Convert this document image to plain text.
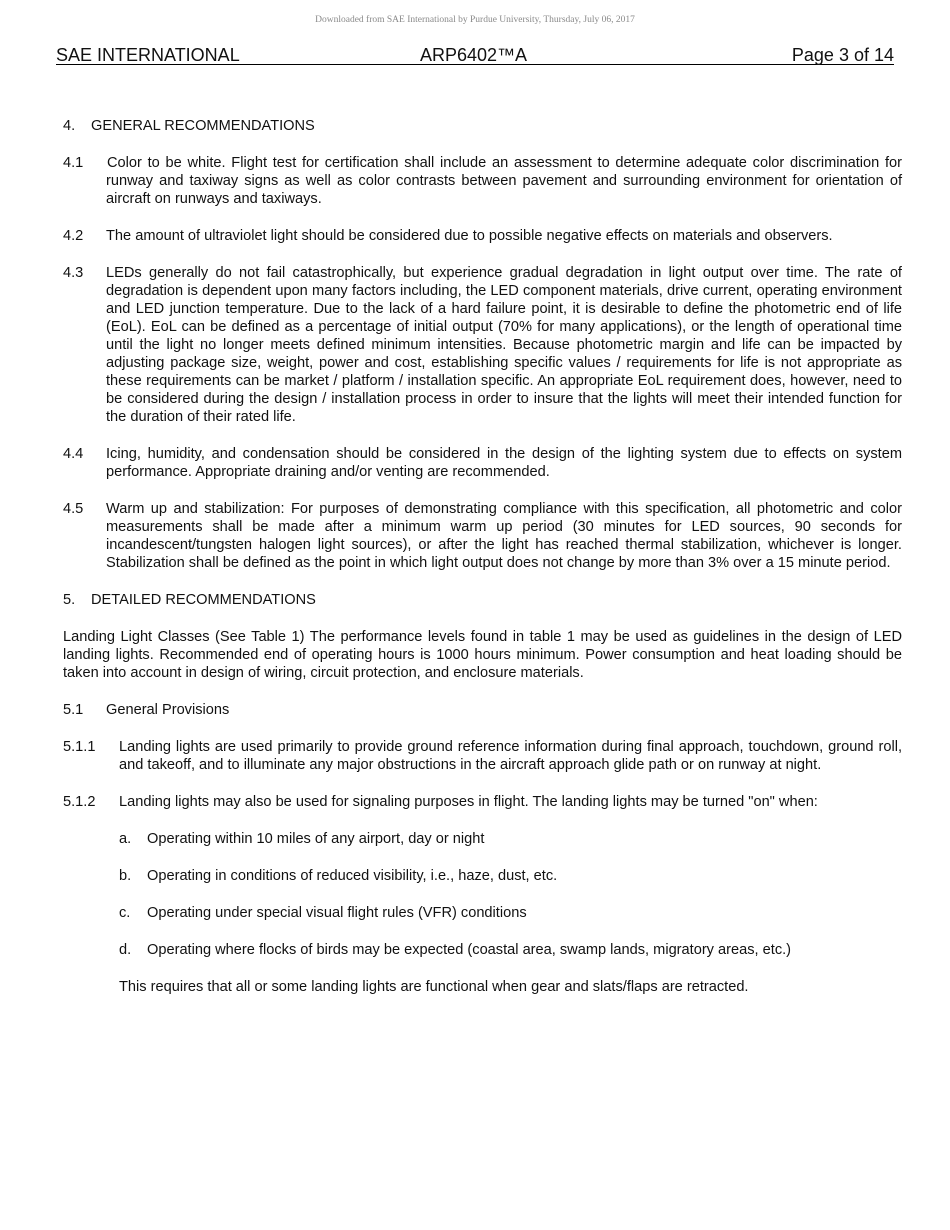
Downloaded from SAE International by Purdue University, Thursday, July 06, 2017
SAE INTERNATIONAL	ARP6402™A	Page 3 of 14
4. GENERAL RECOMMENDATIONS
4.1 Color to be white. Flight test for certification shall include an assessment to determine adequate color discrimination for runway and taxiway signs as well as color contrasts between pavement and surrounding environment for orientation of aircraft on runways and taxiways.
4.2 The amount of ultraviolet light should be considered due to possible negative effects on materials and observers.
4.3 LEDs generally do not fail catastrophically, but experience gradual degradation in light output over time. The rate of degradation is dependent upon many factors including, the LED component materials, drive current, operating environment and LED junction temperature. Due to the lack of a hard failure point, it is desirable to define the photometric end of life (EoL). EoL can be defined as a percentage of initial output (70% for many applications), or the length of operational time until the light no longer meets defined minimum intensities. Because photometric margin and life can be impacted by adjusting package size, weight, power and cost, establishing specific values / requirements for life is not appropriate as these requirements can be market / platform / installation specific. An appropriate EoL requirement does, however, need to be considered during the design / installation process in order to insure that the lights will meet their intended function for the duration of their rated life.
4.4 Icing, humidity, and condensation should be considered in the design of the lighting system due to effects on system performance. Appropriate draining and/or venting are recommended.
4.5 Warm up and stabilization: For purposes of demonstrating compliance with this specification, all photometric and color measurements shall be made after a minimum warm up period (30 minutes for LED sources, 90 seconds for incandescent/tungsten halogen light sources), or after the light has reached thermal stabilization, whichever is longer. Stabilization shall be defined as the point in which light output does not change by more than 3% over a 15 minute period.
5. DETAILED RECOMMENDATIONS
Landing Light Classes (See Table 1) The performance levels found in table 1 may be used as guidelines in the design of LED landing lights. Recommended end of operating hours is 1000 hours minimum. Power consumption and heat loading should be taken into account in design of wiring, circuit protection, and enclosure materials.
5.1 General Provisions
5.1.1 Landing lights are used primarily to provide ground reference information during final approach, touchdown, ground roll, and takeoff, and to illuminate any major obstructions in the aircraft approach glide path or on runway at night.
5.1.2 Landing lights may also be used for signaling purposes in flight. The landing lights may be turned "on" when:
a. Operating within 10 miles of any airport, day or night
b. Operating in conditions of reduced visibility, i.e., haze, dust, etc.
c. Operating under special visual flight rules (VFR) conditions
d. Operating where flocks of birds may be expected (coastal area, swamp lands, migratory areas, etc.)
This requires that all or some landing lights are functional when gear and slats/flaps are retracted.
